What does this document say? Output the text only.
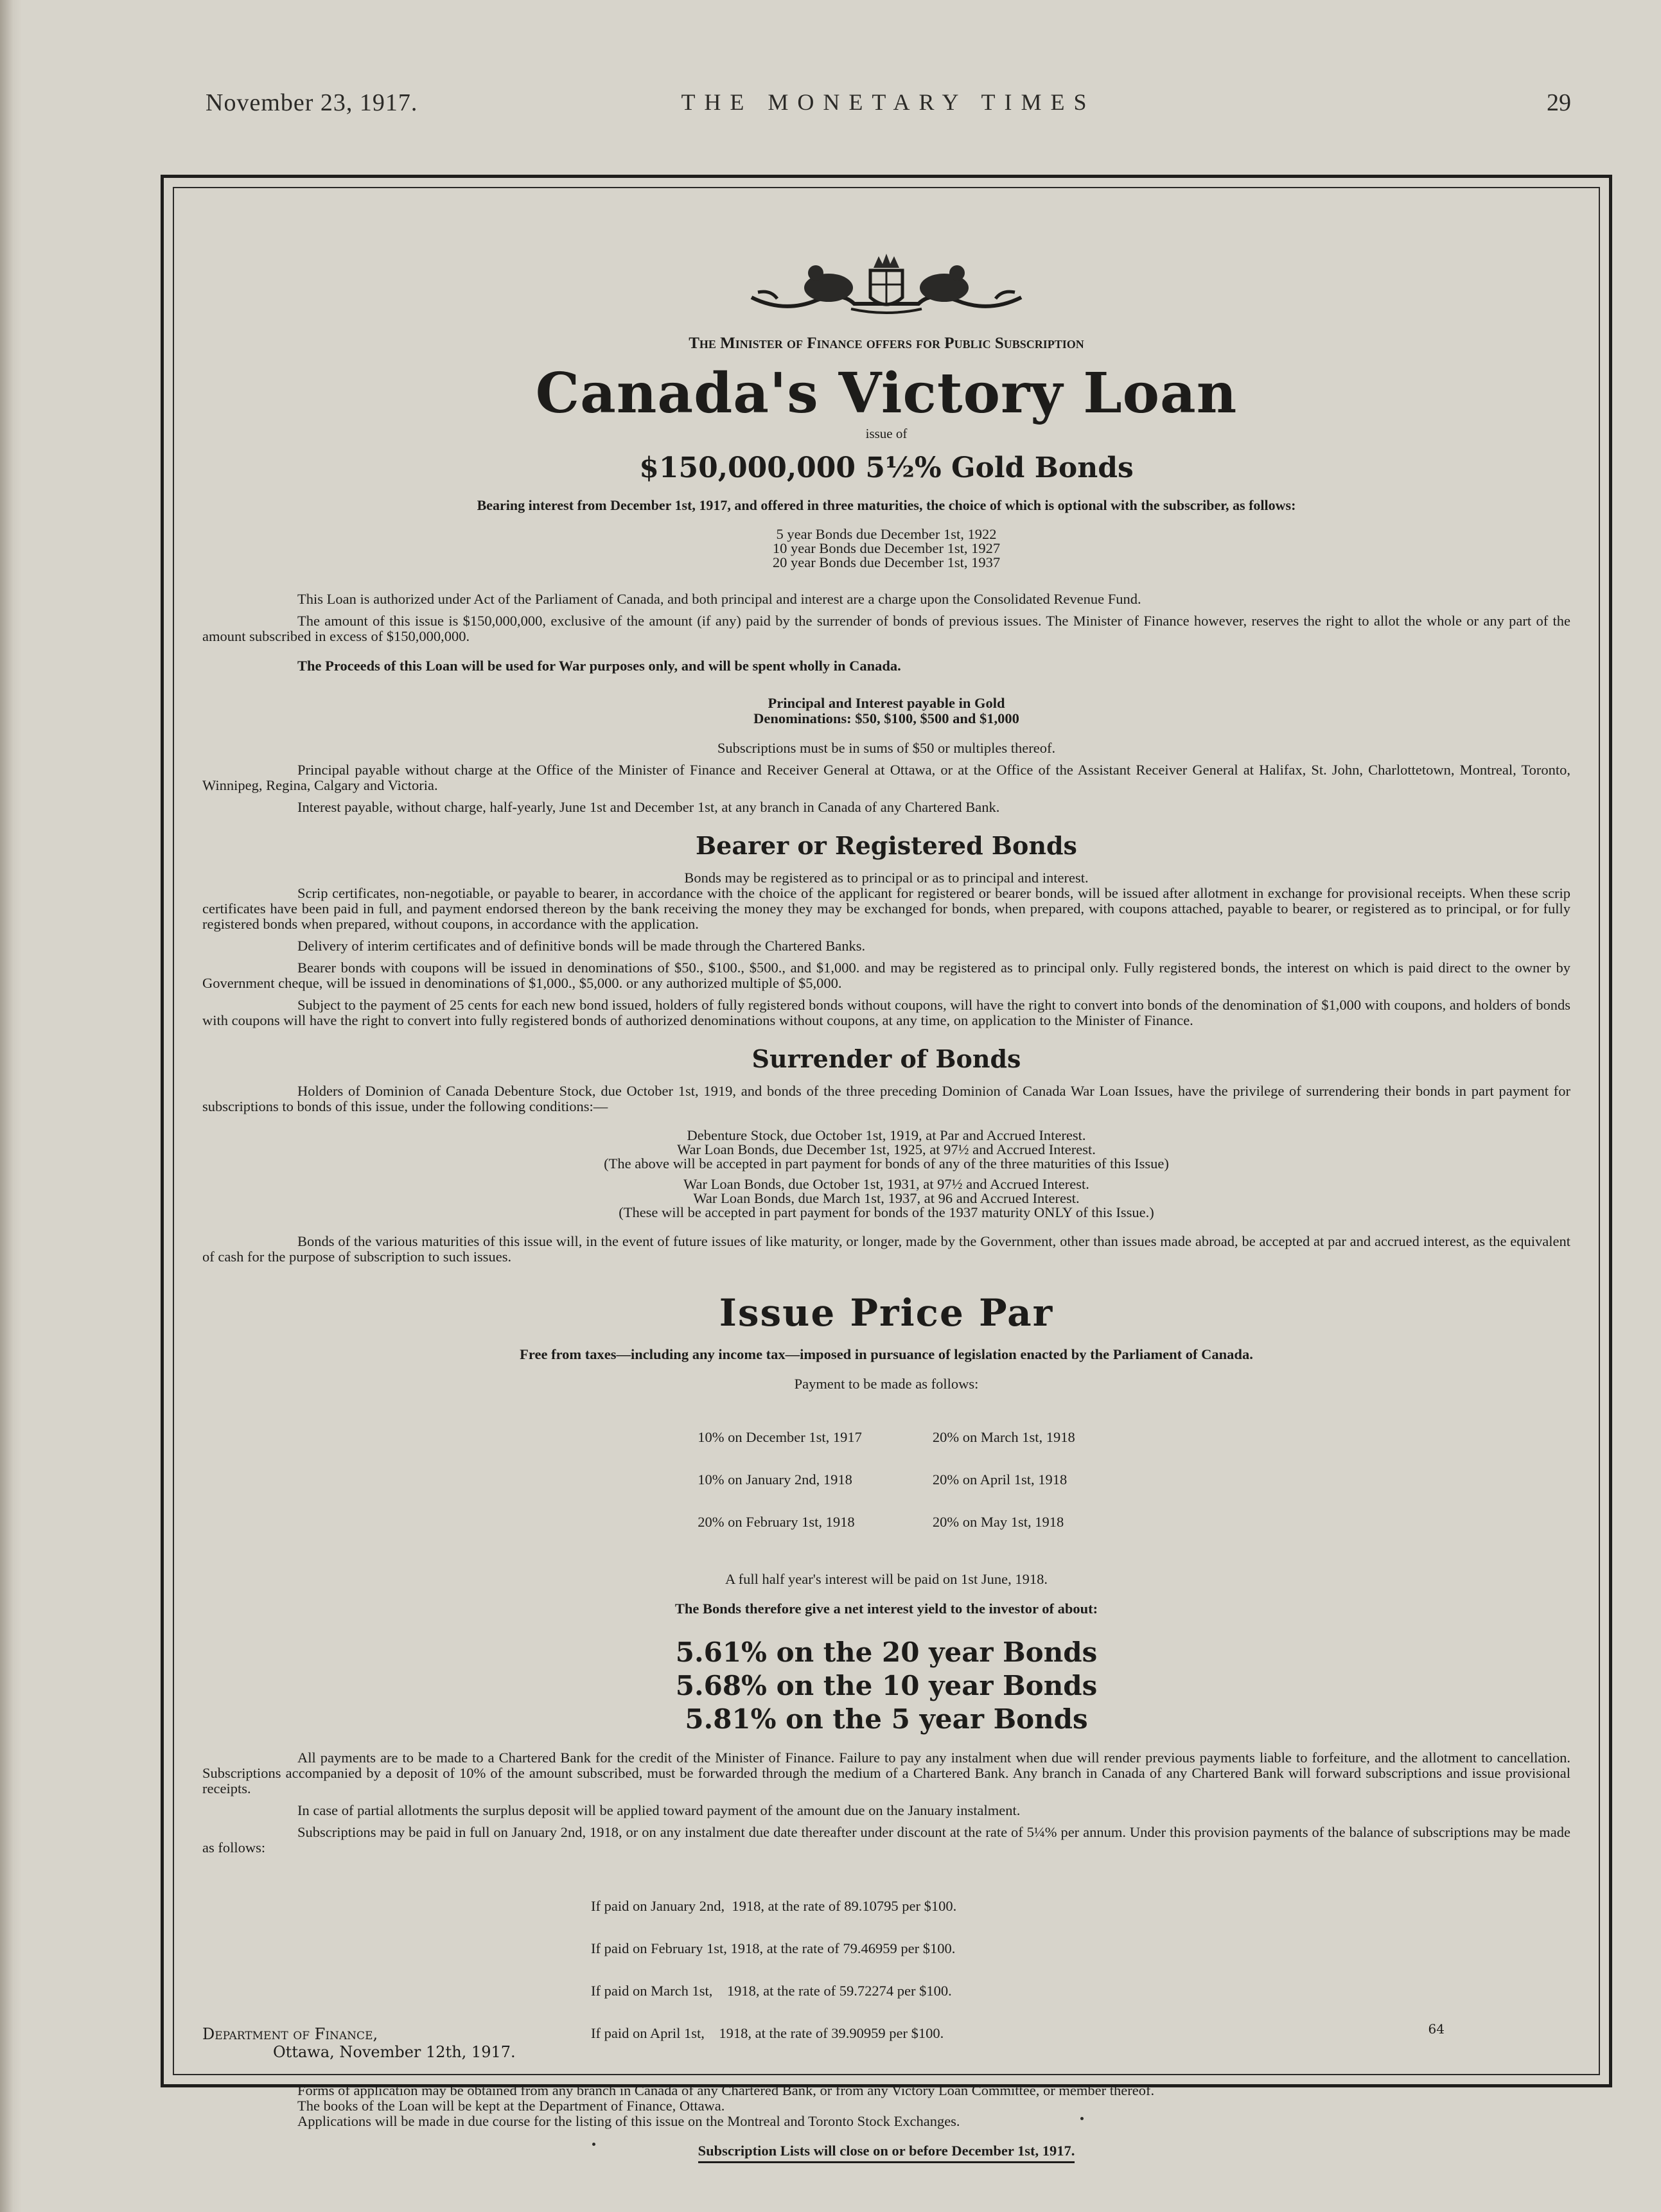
November 23, 1917.	THE MONETARY TIMES	29
The Minister of Finance offers for Public Subscription
Canada's Victory Loan
issue of
$150,000,000 5½% Gold Bonds
Bearing interest from December 1st, 1917, and offered in three maturities, the choice of which is optional with the subscriber, as follows:
5 year Bonds due December 1st, 1922
10 year Bonds due December 1st, 1927
20 year Bonds due December 1st, 1937

This Loan is authorized under Act of the Parliament of Canada, and both principal and interest are a charge upon the Consolidated Revenue Fund.

The amount of this issue is $150,000,000, exclusive of the amount (if any) paid by the surrender of bonds of previous issues. The Minister of Finance however, reserves the right to allot the whole or any part of the amount subscribed in excess of $150,000,000.

The Proceeds of this Loan will be used for War purposes only, and will be spent wholly in Canada.

Principal and Interest payable in Gold
Denominations: $50, $100, $500 and $1,000
Subscriptions must be in sums of $50 or multiples thereof.

Principal payable without charge at the Office of the Minister of Finance and Receiver General at Ottawa, or at the Office of the Assistant Receiver General at Halifax, St. John, Charlottetown, Montreal, Toronto, Winnipeg, Regina, Calgary and Victoria.

Interest payable, without charge, half-yearly, June 1st and December 1st, at any branch in Canada of any Chartered Bank.

Bearer or Registered Bonds
Bonds may be registered as to principal or as to principal and interest.

Scrip certificates, non-negotiable, or payable to bearer, in accordance with the choice of the applicant for registered or bearer bonds, will be issued after allotment in exchange for provisional receipts. When these scrip certificates have been paid in full, and payment endorsed thereon by the bank receiving the money they may be exchanged for bonds, when prepared, with coupons attached, payable to bearer, or registered as to principal, or for fully registered bonds when prepared, without coupons, in accordance with the application.

Delivery of interim certificates and of definitive bonds will be made through the Chartered Banks.

Bearer bonds with coupons will be issued in denominations of $50., $100., $500., and $1,000. and may be registered as to principal only. Fully registered bonds, the interest on which is paid direct to the owner by Government cheque, will be issued in denominations of $1,000., $5,000. or any authorized multiple of $5,000.

Subject to the payment of 25 cents for each new bond issued, holders of fully registered bonds without coupons, will have the right to convert into bonds of the denomination of $1,000 with coupons, and holders of bonds with coupons will have the right to convert into fully registered bonds of authorized denominations without coupons, at any time, on application to the Minister of Finance.

Surrender of Bonds

Holders of Dominion of Canada Debenture Stock, due October 1st, 1919, and bonds of the three preceding Dominion of Canada War Loan Issues, have the privilege of surrendering their bonds in part payment for subscriptions to bonds of this issue, under the following conditions:—

Debenture Stock, due October 1st, 1919, at Par and Accrued Interest.
War Loan Bonds, due December 1st, 1925, at 97½ and Accrued Interest.
(The above will be accepted in part payment for bonds of any of the three maturities of this Issue)
War Loan Bonds, due October 1st, 1931, at 97½ and Accrued Interest.
War Loan Bonds, due March 1st, 1937, at 96 and Accrued Interest.
(These will be accepted in part payment for bonds of the 1937 maturity ONLY of this Issue.)

Bonds of the various maturities of this issue will, in the event of future issues of like maturity, or longer, made by the Government, other than issues made abroad, be accepted at par and accrued interest, as the equivalent of cash for the purpose of subscription to such issues.

Issue Price Par
Free from taxes—including any income tax—imposed in pursuance of legislation enacted by the Parliament of Canada.
Payment to be made as follows:

10% on December 1st, 1917

10% on January 2nd, 1918

20% on February 1st, 1918

20% on March 1st, 1918

20% on April 1st, 1918

20% on May 1st, 1918

A full half year's interest will be paid on 1st June, 1918.
The Bonds therefore give a net interest yield to the investor of about:
5.61% on the 20 year Bonds
5.68% on the 10 year Bonds
5.81% on the 5 year Bonds

All payments are to be made to a Chartered Bank for the credit of the Minister of Finance. Failure to pay any instalment when due will render previous payments liable to forfeiture, and the allotment to cancellation. Subscriptions accompanied by a deposit of 10% of the amount subscribed, must be forwarded through the medium of a Chartered Bank. Any branch in Canada of any Chartered Bank will forward subscriptions and issue provisional receipts.

In case of partial allotments the surplus deposit will be applied toward payment of the amount due on the January instalment.

Subscriptions may be paid in full on January 2nd, 1918, or on any instalment due date thereafter under discount at the rate of 5¼% per annum. Under this provision payments of the balance of subscriptions may be made as follows:

If paid on January 2nd,  1918, at the rate of 89.10795 per $100.

If paid on February 1st, 1918, at the rate of 79.46959 per $100.

If paid on March 1st,    1918, at the rate of 59.72274 per $100.

If paid on April 1st,    1918, at the rate of 39.90959 per $100.

Forms of application may be obtained from any branch in Canada of any Chartered Bank, or from any Victory Loan Committee, or member thereof.
The books of the Loan will be kept at the Department of Finance, Ottawa.
Applications will be made in due course for the listing of this issue on the Montreal and Toronto Stock Exchanges.
Subscription Lists will close on or before December 1st, 1917.
Department of Finance,
Ottawa, November 12th, 1917.
64
